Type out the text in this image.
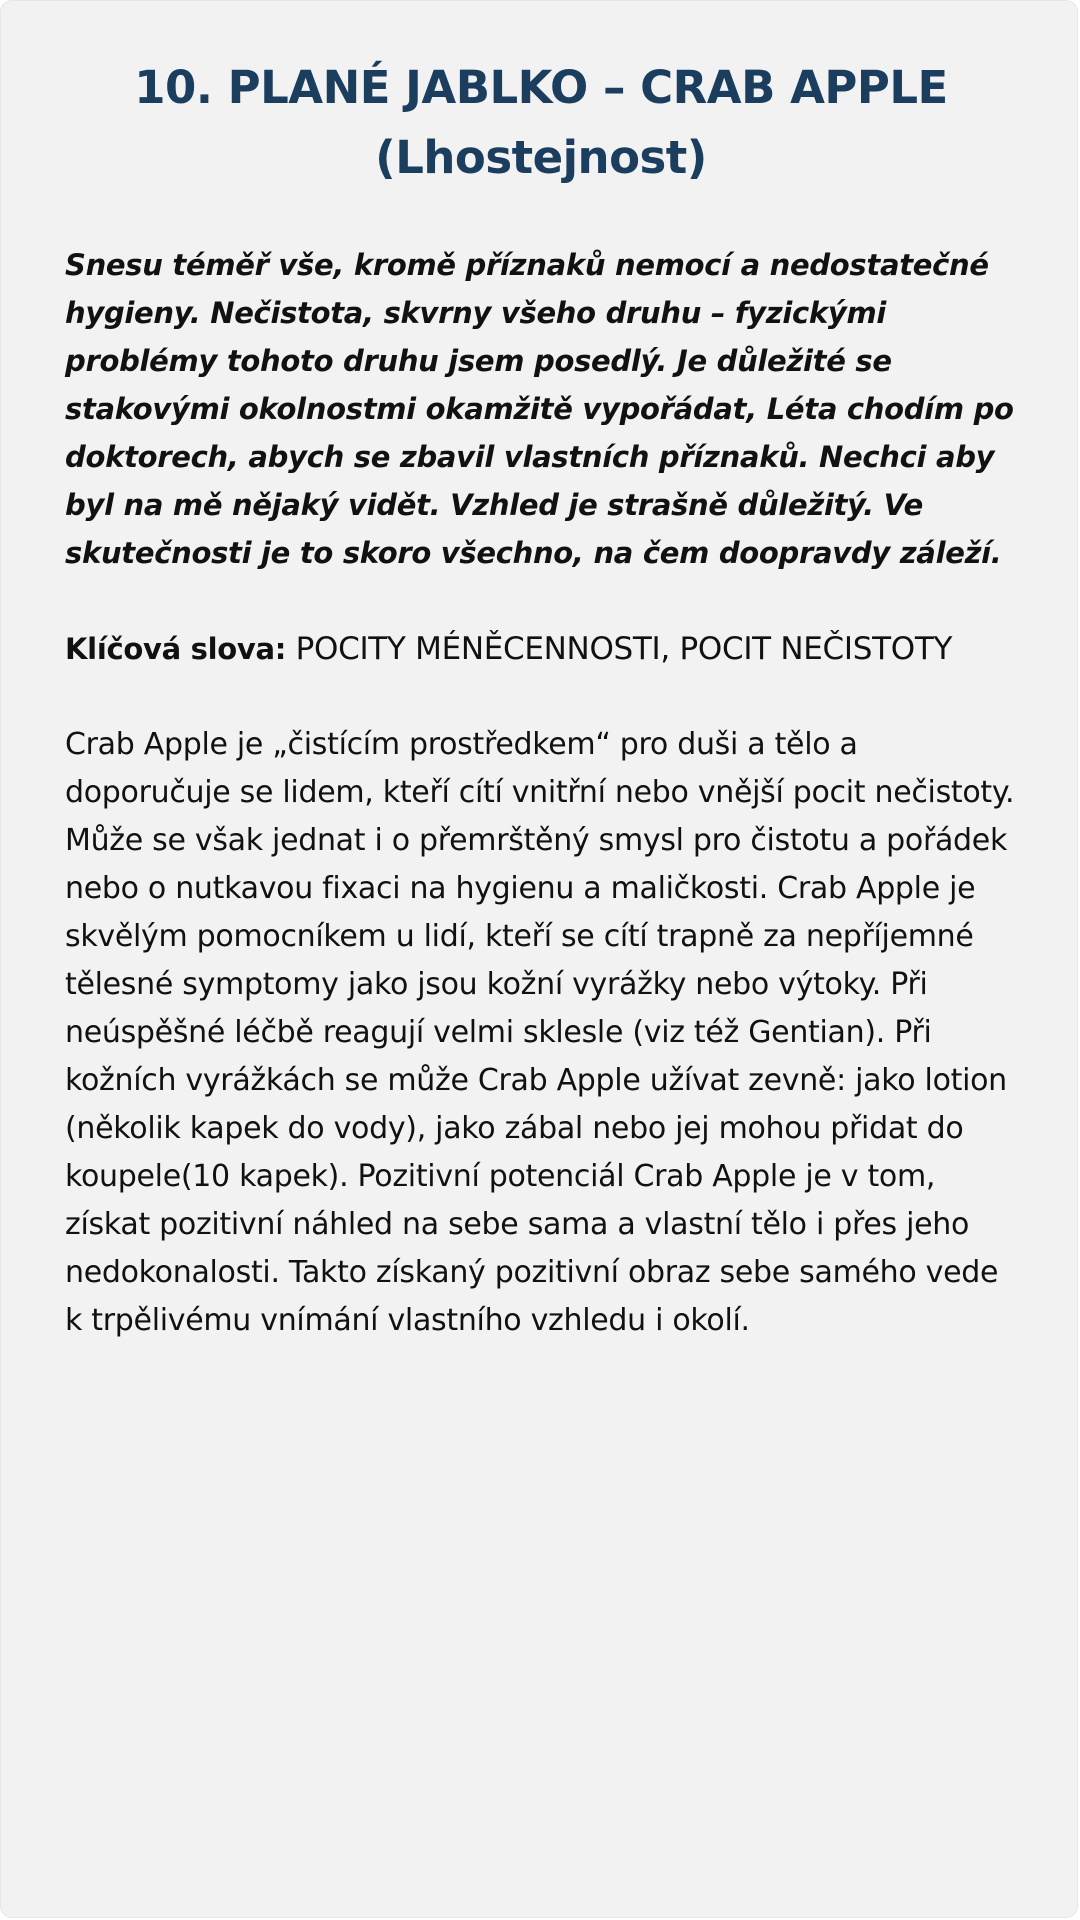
10. PLANÉ JABLKO – CRAB APPLE (Lhostejnost)

Snesu téměř vše, kromě příznaků nemocí a nedostatečné hygieny. Nečistota, skvrny všeho druhu – fyzickými problémy tohoto druhu jsem posedlý. Je důležité se stakovými okolnostmi okamžitě vypořádat, Léta chodím po doktorech, abych se zbavil vlastních příznaků. Nechci aby byl na mě nějaký vidět. Vzhled je strašně důležitý. Ve skutečnosti je to skoro všechno, na čem doopravdy záleží.

Klíčová slova: POCITY MÉNĚCENNOSTI, POCIT NEČISTOTY

Crab Apple je „čistícím prostředkem“ pro duši a tělo a doporučuje se lidem, kteří cítí vnitřní nebo vnější pocit nečistoty. Může se však jednat i o přemrštěný smysl pro čistotu a pořádek nebo o nutkavou fixaci na hygienu a maličkosti. Crab Apple je skvělým pomocníkem u lidí, kteří se cítí trapně za nepříjemné tělesné symptomy jako jsou kožní vyrážky nebo výtoky. Při neúspěšné léčbě reagují velmi sklesle (viz též Gentian). Při kožních vyrážkách se může Crab Apple užívat zevně: jako lotion (několik kapek do vody), jako zábal nebo jej mohou přidat do koupele(10 kapek). Pozitivní potenciál Crab Apple je v tom, získat pozitivní náhled na sebe sama a vlastní tělo i přes jeho nedokonalosti. Takto získaný pozitivní obraz sebe samého vede k trpělivému vnímání vlastního vzhledu i okolí.
